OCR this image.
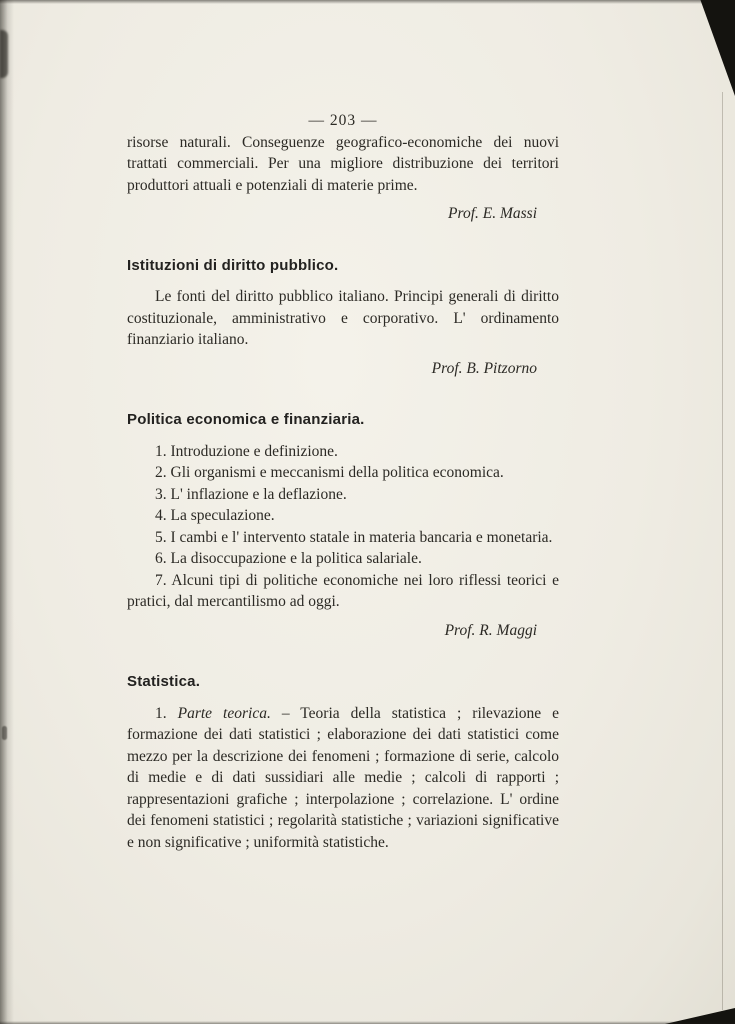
— 203 —

risorse naturali. Conseguenze geografico-economiche dei nuovi trattati commerciali. Per una migliore distribuzione dei territori produttori attuali e potenziali di materie prime.

Prof. E. Massi

Istituzioni di diritto pubblico.

Le fonti del diritto pubblico italiano. Principi generali di diritto costituzionale, amministrativo e corporativo. L' ordinamento finanziario italiano.

Prof. B. Pitzorno

Politica economica e finanziaria.

1. Introduzione e definizione.

2. Gli organismi e meccanismi della politica economica.

3. L' inflazione e la deflazione.

4. La speculazione.

5. I cambi e l' intervento statale in materia bancaria e monetaria.

6. La disoccupazione e la politica salariale.

7. Alcuni tipi di politiche economiche nei loro riflessi teorici e pratici, dal mercantilismo ad oggi.

Prof. R. Maggi

Statistica.

1. Parte teorica. – Teoria della statistica ; rilevazione e formazione dei dati statistici ; elaborazione dei dati statistici come mezzo per la descrizione dei fenomeni ; formazione di serie, calcolo di medie e di dati sussidiari alle medie ; calcoli di rapporti ; rappresentazioni grafiche ; interpolazione ; correlazione. L' ordine dei fenomeni statistici ; regolarità statistiche ; variazioni significative e non significative ; uniformità statistiche.
